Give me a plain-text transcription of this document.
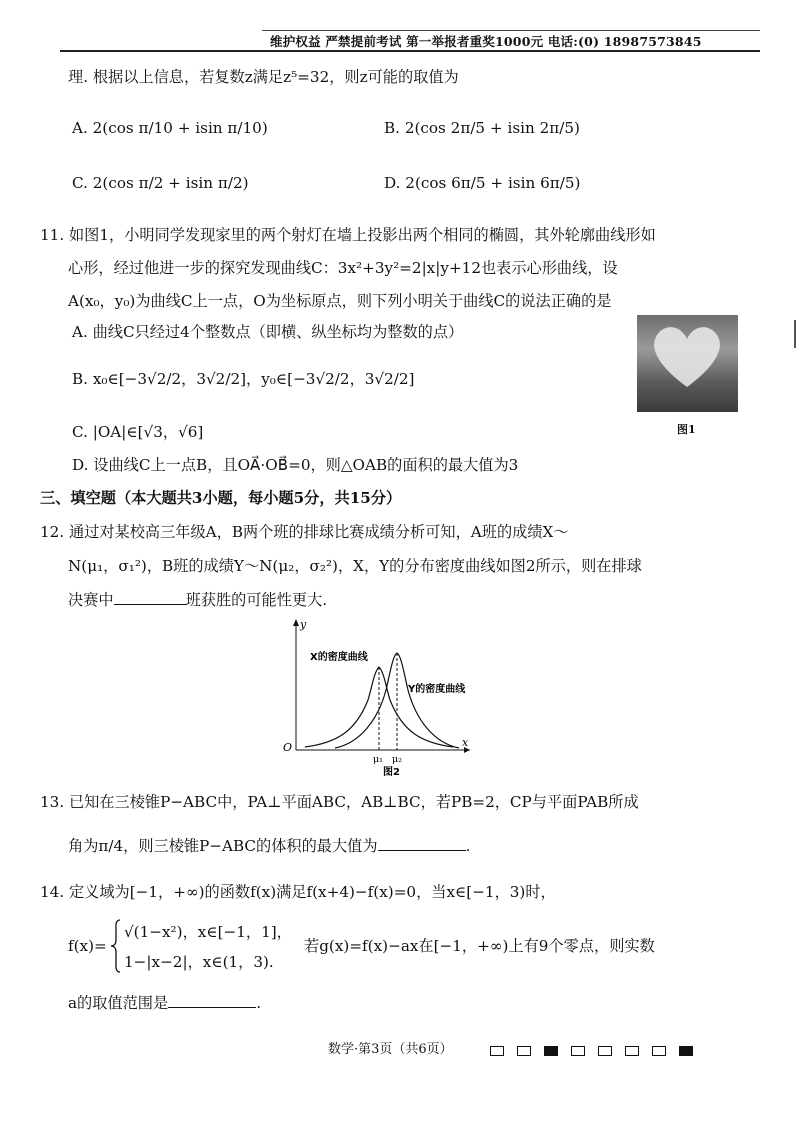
维护权益 严禁提前考试 第一举报者重奖1000元 电话:(0) 18987573845
理. 根据以上信息，若复数z满足z⁵=32，则z可能的取值为
A. 2(cos π/10 + isin π/10)	B. 2(cos 2π/5 + isin 2π/5)
C. 2(cos π/2 + isin π/2)	D. 2(cos 6π/5 + isin 6π/5)
11. 如图1，小明同学发现家里的两个射灯在墙上投影出两个相同的椭圆，其外轮廓曲线形如
心形，经过他进一步的探究发现曲线C：3x²+3y²=2|x|y+12也表示心形曲线，设
A(x₀，y₀)为曲线C上一点，O为坐标原点，则下列小明关于曲线C的说法正确的是
A. 曲线C只经过4个整数点（即横、纵坐标均为整数的点）
B. x₀∈[−3√2/2，3√2/2]，y₀∈[−3√2/2，3√2/2]
C. |OA|∈[√3，√6]
D. 设曲线C上一点B，且OA⃗·OB⃗=0，则△OAB的面积的最大值为3
图1
三、填空题（本大题共3小题，每小题5分，共15分）
12. 通过对某校高三年级A，B两个班的排球比赛成绩分析可知，A班的成绩X～
N(μ₁，σ₁²)，B班的成绩Y～N(μ₂，σ₂²)，X，Y的分布密度曲线如图2所示，则在排球
决赛中	班获胜的可能性更大.
y
x
O
X的密度曲线
Y的密度曲线
μ₁ μ₂
图2
13. 已知在三棱锥P−ABC中，PA⊥平面ABC，AB⊥BC，若PB=2，CP与平面PAB所成
角为π/4，则三棱锥P−ABC的体积的最大值为	.
14. 定义域为[−1，+∞)的函数f(x)满足f(x+4)−f(x)=0，当x∈[−1，3)时，
f(x)=
√(1−x²)，x∈[−1，1]，
1−|x−2|，x∈(1，3).
若g(x)=f(x)−ax在[−1，+∞)上有9个零点，则实数
a的取值范围是	.
数学·第3页（共6页）
